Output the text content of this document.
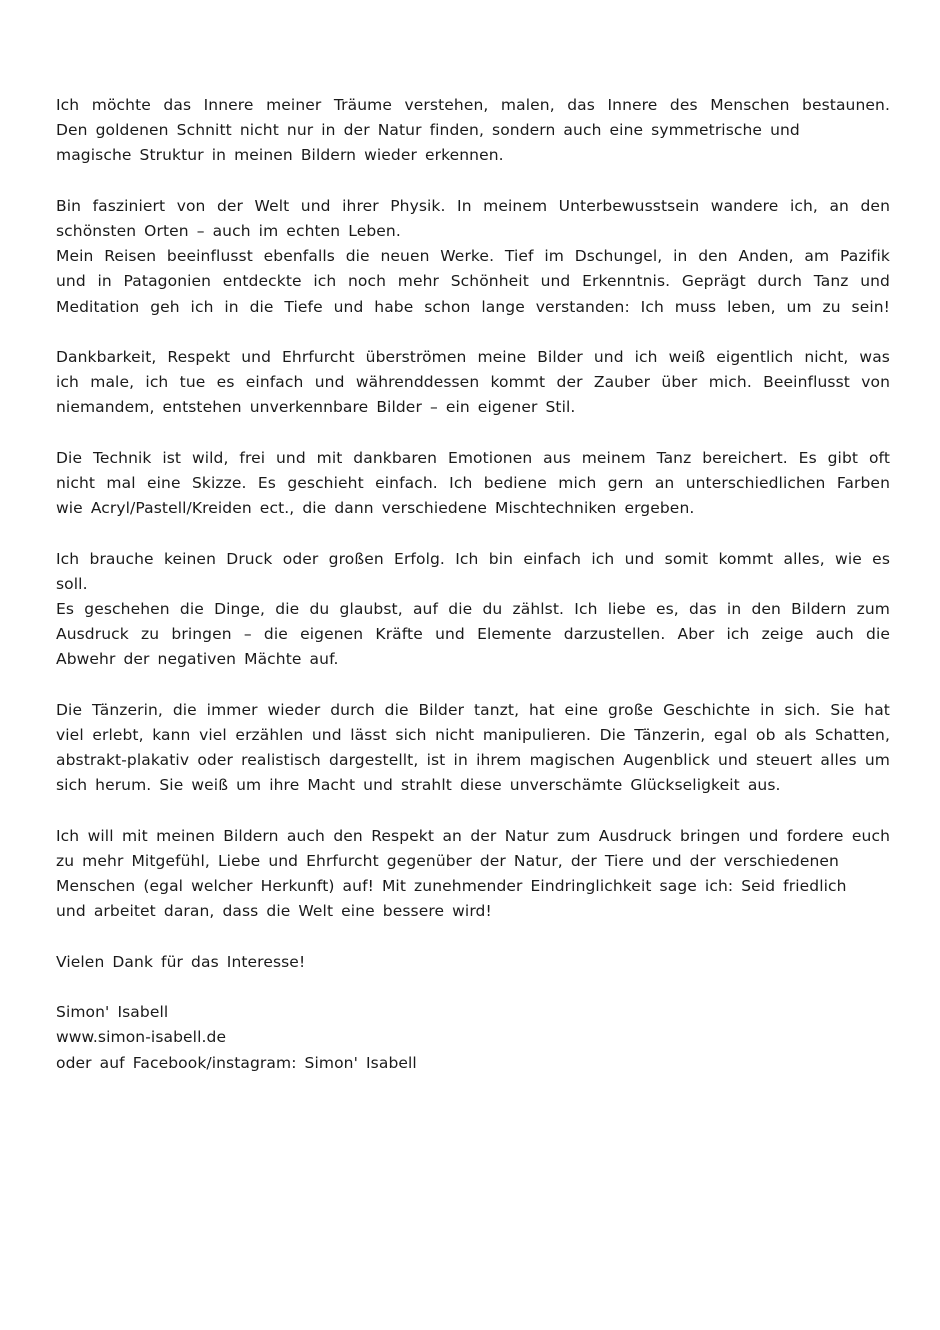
Ich möchte das Innere meiner Träume verstehen, malen, das Innere des Menschen bestaunen.
Den goldenen Schnitt nicht nur in der Natur finden, sondern auch eine symmetrische und
magische Struktur in meinen Bildern wieder erkennen.

Bin fasziniert von der Welt und ihrer Physik. In meinem Unterbewusstsein wandere ich, an den
schönsten Orten – auch im echten Leben.
Mein Reisen beeinflusst ebenfalls die neuen Werke. Tief im Dschungel, in den Anden, am Pazifik
und in Patagonien entdeckte ich noch mehr Schönheit und Erkenntnis. Geprägt durch Tanz und
Meditation geh ich in die Tiefe und habe schon lange verstanden: Ich muss leben, um zu sein!

Dankbarkeit, Respekt und Ehrfurcht überströmen meine Bilder und ich weiß eigentlich nicht, was
ich male, ich tue es einfach und währenddessen kommt der Zauber über mich. Beeinflusst von
niemandem, entstehen unverkennbare Bilder – ein eigener Stil.

Die Technik ist wild, frei und mit dankbaren Emotionen aus meinem Tanz bereichert. Es gibt oft
nicht mal eine Skizze. Es geschieht einfach. Ich bediene mich gern an unterschiedlichen Farben
wie Acryl/Pastell/Kreiden ect., die dann verschiedene Mischtechniken ergeben.

Ich brauche keinen Druck oder großen Erfolg. Ich bin einfach ich und somit kommt alles, wie es
soll.
Es geschehen die Dinge, die du glaubst, auf die du zählst. Ich liebe es, das in den Bildern zum
Ausdruck zu bringen – die eigenen Kräfte und Elemente darzustellen. Aber ich zeige auch die
Abwehr der negativen Mächte auf.

Die Tänzerin, die immer wieder durch die Bilder tanzt, hat eine große Geschichte in sich. Sie hat
viel erlebt, kann viel erzählen und lässt sich nicht manipulieren. Die Tänzerin, egal ob als Schatten,
abstrakt-plakativ oder realistisch dargestellt, ist in ihrem magischen Augenblick und steuert alles um
sich herum. Sie weiß um ihre Macht und strahlt diese unverschämte Glückseligkeit aus.

Ich will mit meinen Bildern auch den Respekt an der Natur zum Ausdruck bringen und fordere euch
zu mehr Mitgefühl, Liebe und Ehrfurcht gegenüber der Natur, der Tiere und der verschiedenen
Menschen (egal welcher Herkunft) auf! Mit zunehmender Eindringlichkeit sage ich: Seid friedlich
und arbeitet daran, dass die Welt eine bessere wird!

Vielen Dank für das Interesse!

Simon' Isabell
www.simon-isabell.de
oder auf Facebook/instagram: Simon' Isabell
